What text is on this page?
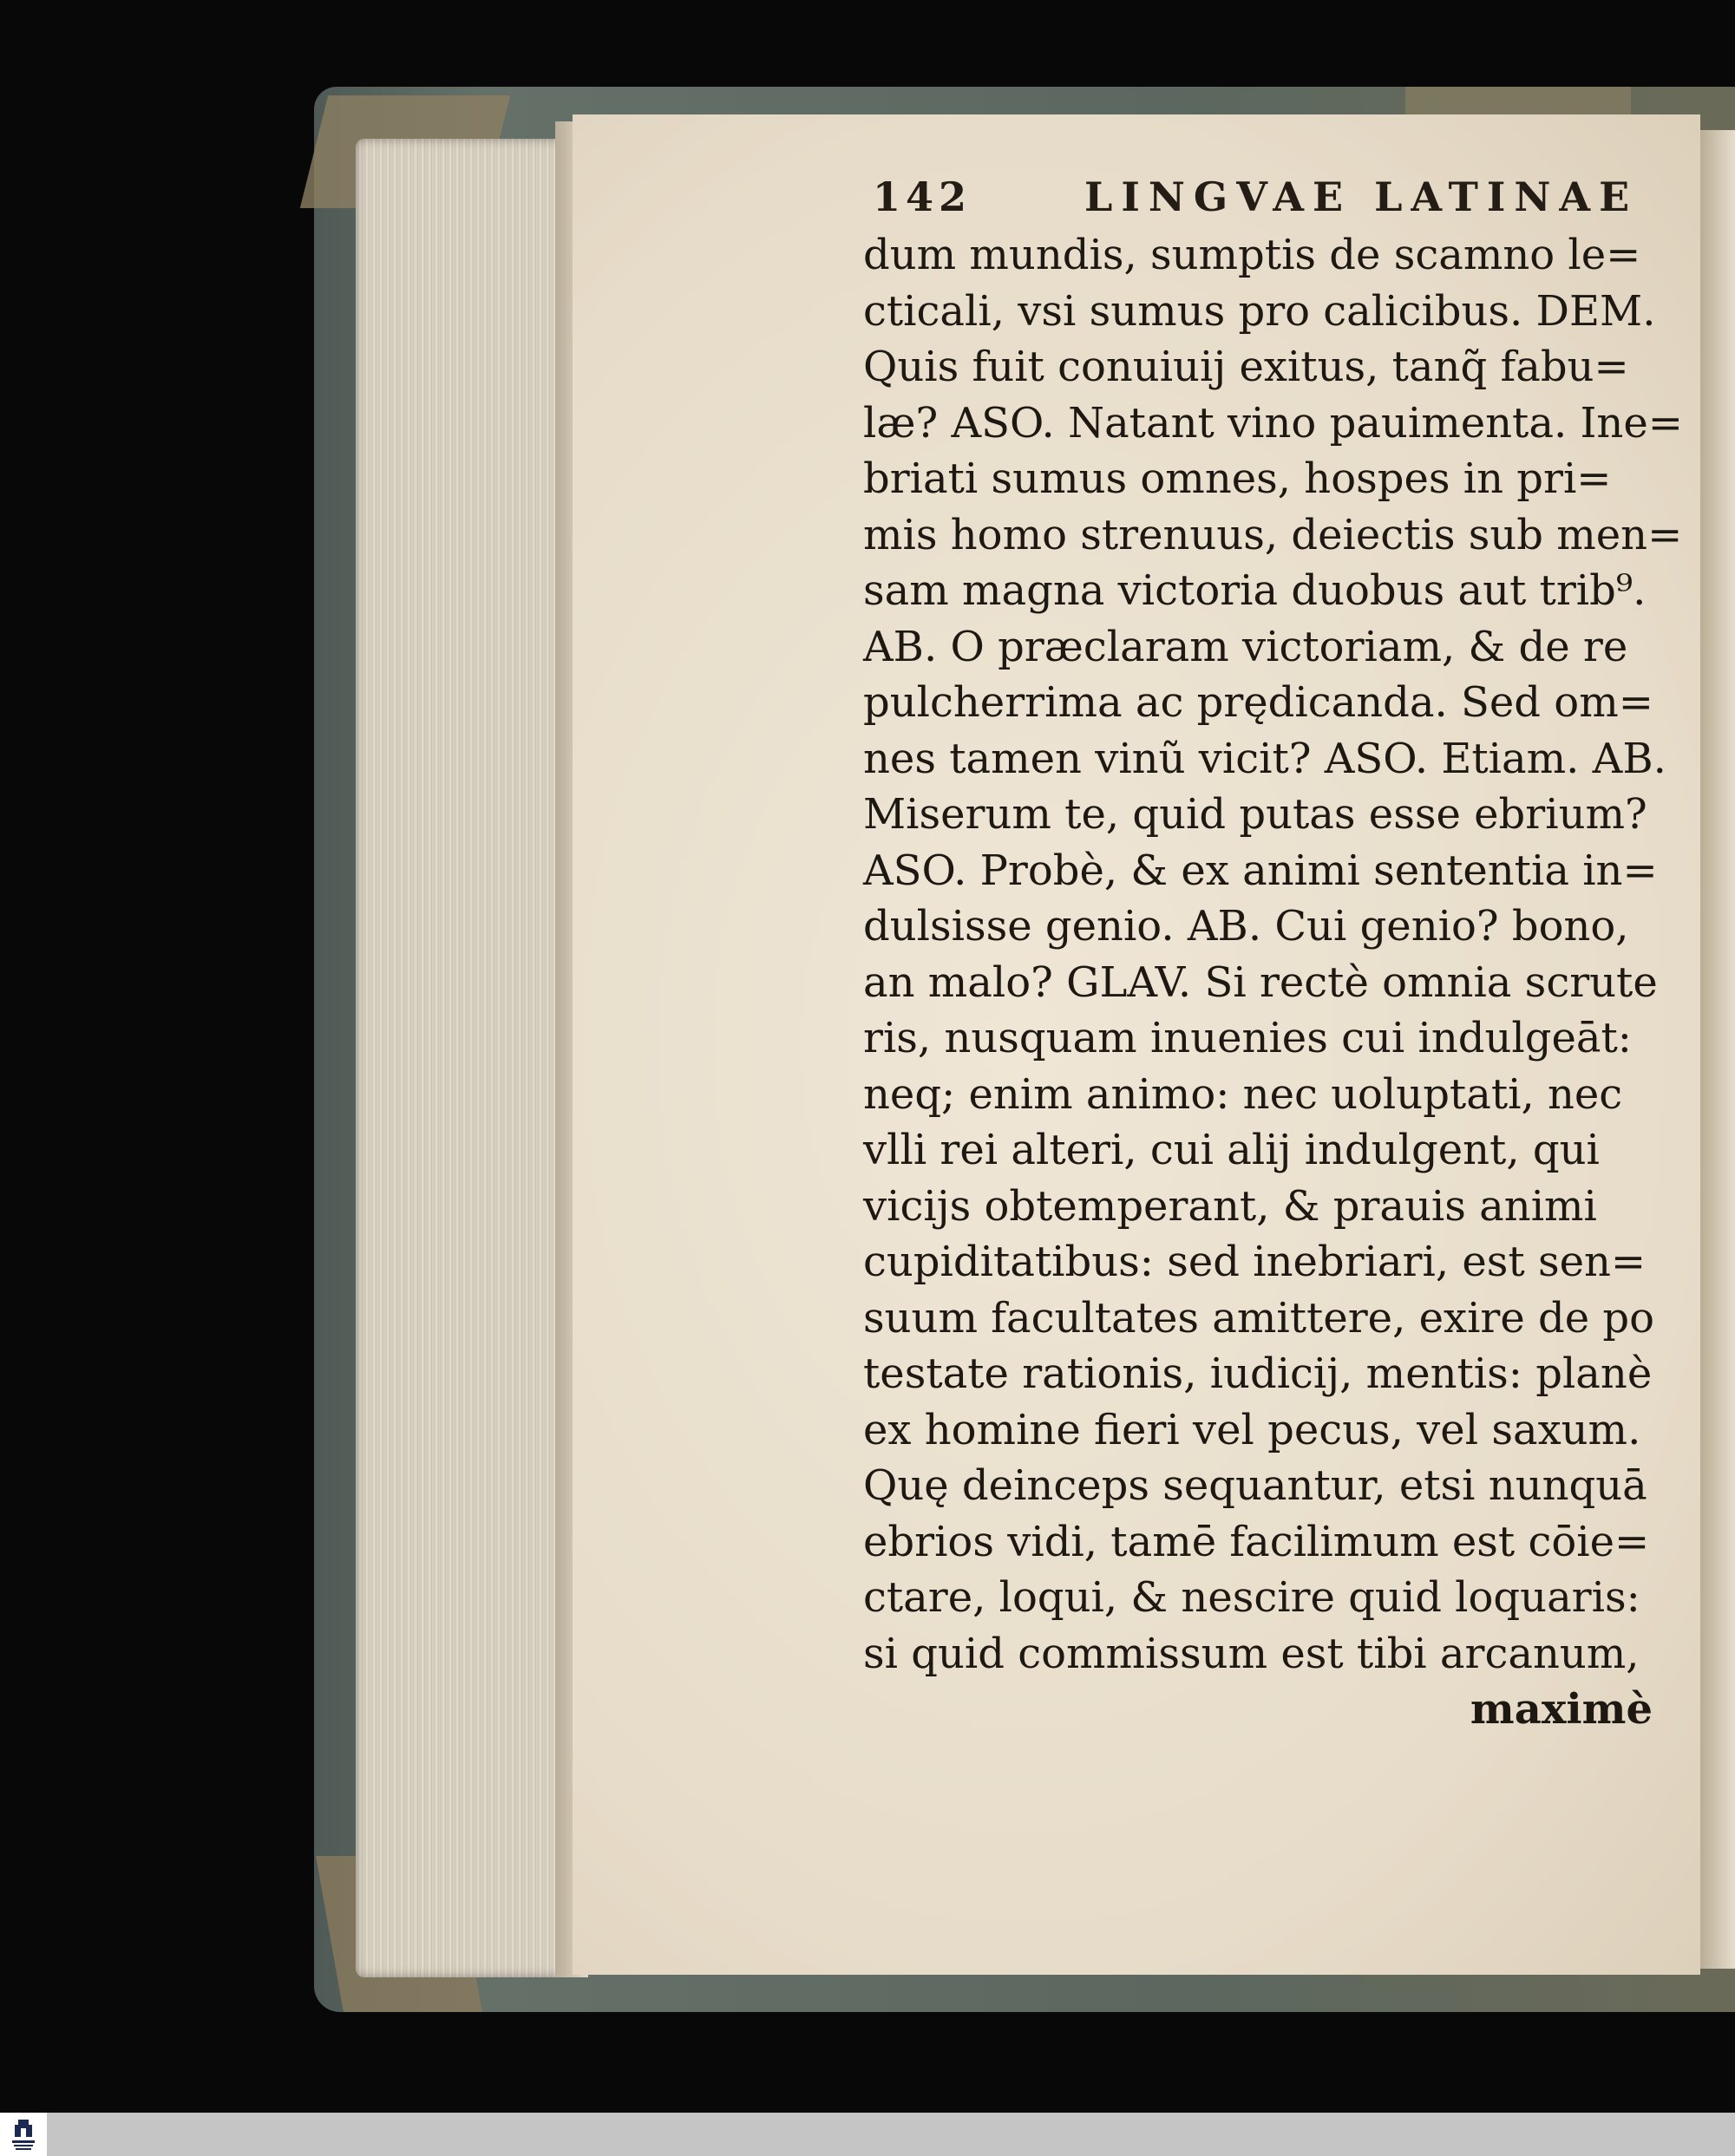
142	LINGVAE LATINAE
dum mundis, sumptis de scamno le=
cticali, vsi sumus pro calicibus. DEM.
Quis fuit conuiuij exitus, tanq̃ fabu=
læ? ASO. Natant vino pauimenta. Ine=
briati sumus omnes, hospes in pri=
mis homo strenuus, deiectis sub men=
sam magna victoria duobus aut trib⁹.
AB. O præclaram victoriam, & de re
pulcherrima ac prędicanda. Sed om=
nes tamen vinũ vicit? ASO. Etiam. AB.
Miserum te, quid putas esse ebrium?
ASO. Probè, & ex animi sententia in=
dulsisse genio. AB. Cui genio? bono,
an malo? GLAV. Si rectè omnia scrute
ris, nusquam inuenies cui indulgeāt:
neq; enim animo: nec uoluptati, nec
vlli rei alteri, cui alij indulgent, qui
vicijs obtemperant, & prauis animi
cupiditatibus: sed inebriari, est sen=
suum facultates amittere, exire de po
testate rationis, iudicij, mentis: planè
ex homine fieri vel pecus, vel saxum.
Quę deinceps sequantur, etsi nunquā
ebrios vidi, tamē facilimum est cōie=
ctare, loqui, & nescire quid loquaris:
si quid commissum est tibi arcanum,
maximè
